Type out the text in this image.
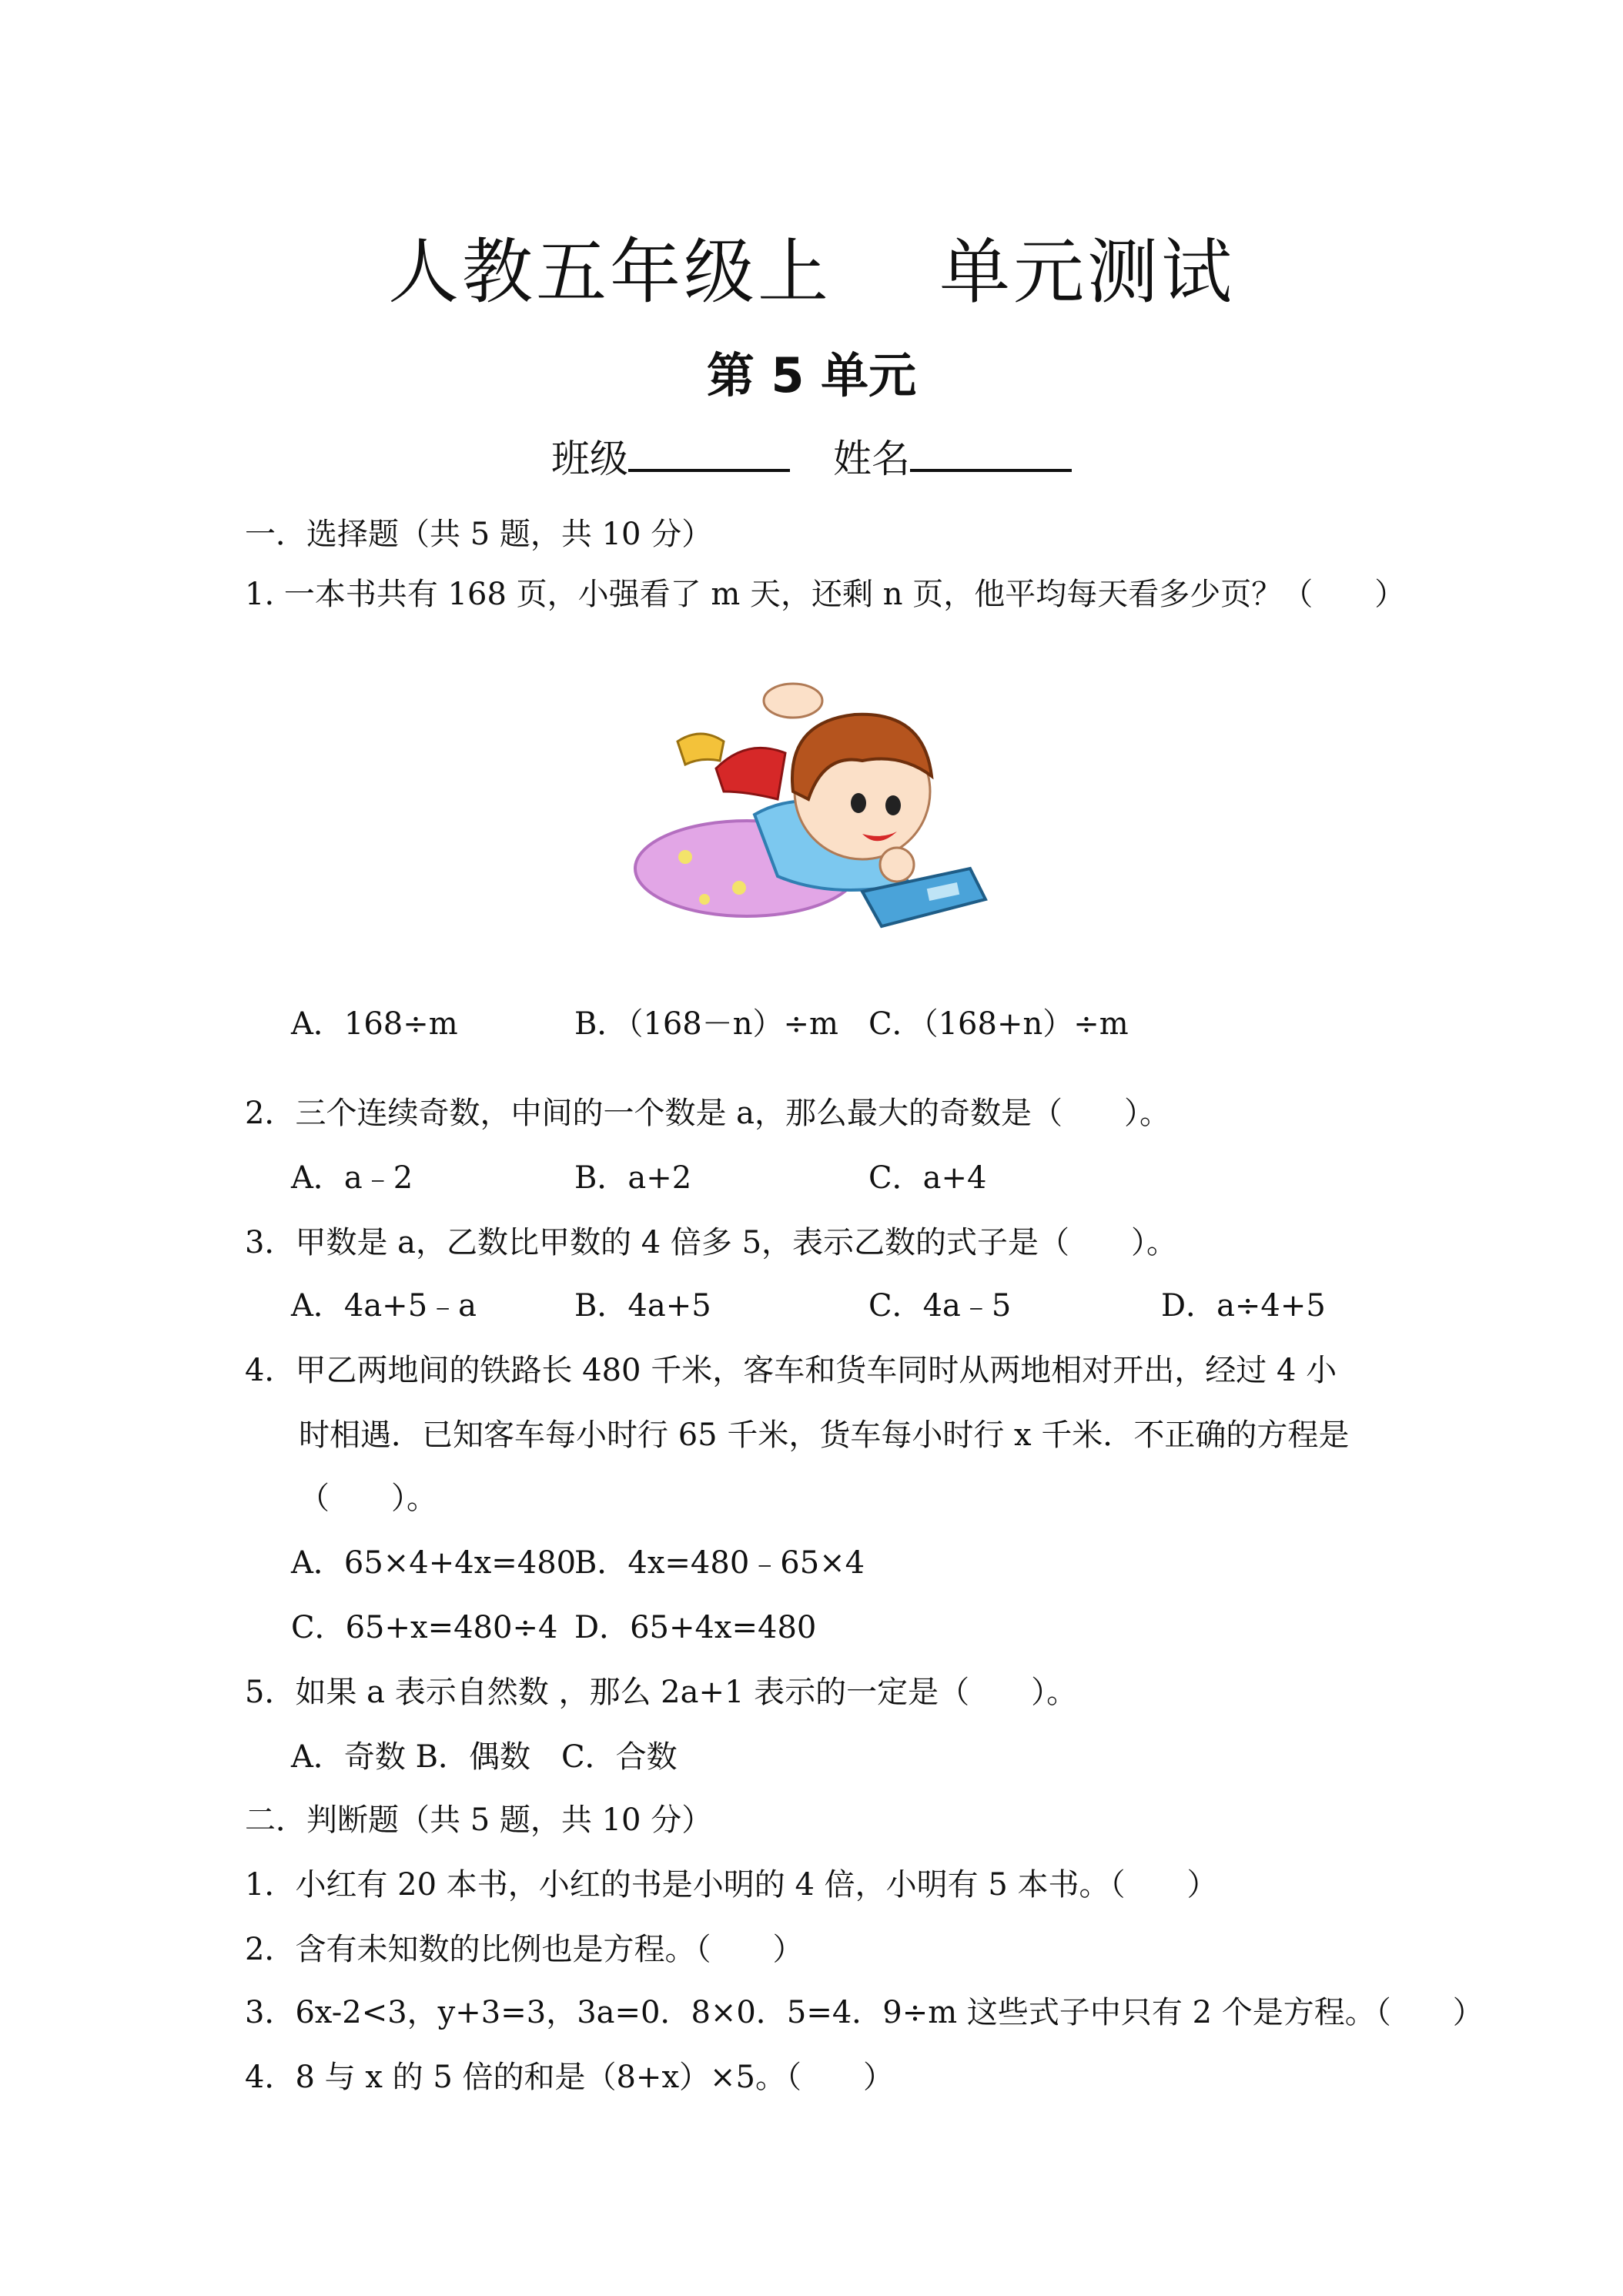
人教五年级上 单元测试
第 5 单元
班级	姓名
一．选择题（共 5 题，共 10 分）
1. 一本书共有 168 页，小强看了 m 天，还剩 n 页，他平均每天看多少页？（　　）
A．168÷m	B．（168－n）÷m C．（168+n）÷m
2．三个连续奇数，中间的一个数是 a，那么最大的奇数是（　　）。
A．a﹣2	B．a+2	C．a+4
3．甲数是 a，乙数比甲数的 4 倍多 5，表示乙数的式子是（　　）。
A．4a+5﹣a	B．4a+5	C．4a﹣5	D．a÷4+5
4．甲乙两地间的铁路长 480 千米，客车和货车同时从两地相对开出，经过 4 小
时相遇．已知客车每小时行 65 千米，货车每小时行 x 千米．不正确的方程是
（　　）。
A．65×4+4x=480
B．4x=480﹣65×4
C．65+x=480÷4 D．65+4x=480
5．如果 a 表示自然数 ，那么 2a+1 表示的一定是（　　）。
A．奇数 B．偶数　C．合数
二．判断题（共 5 题，共 10 分）
1．小红有 20 本书，小红的书是小明的 4 倍，小明有 5 本书。（　　）
2．含有未知数的比例也是方程。（　　）
3．6x-2<3，y+3=3，3a=0．8×0．5=4．9÷m 这些式子中只有 2 个是方程。（　　）
4．8 与 x 的 5 倍的和是（8+x）×5。（　　）
